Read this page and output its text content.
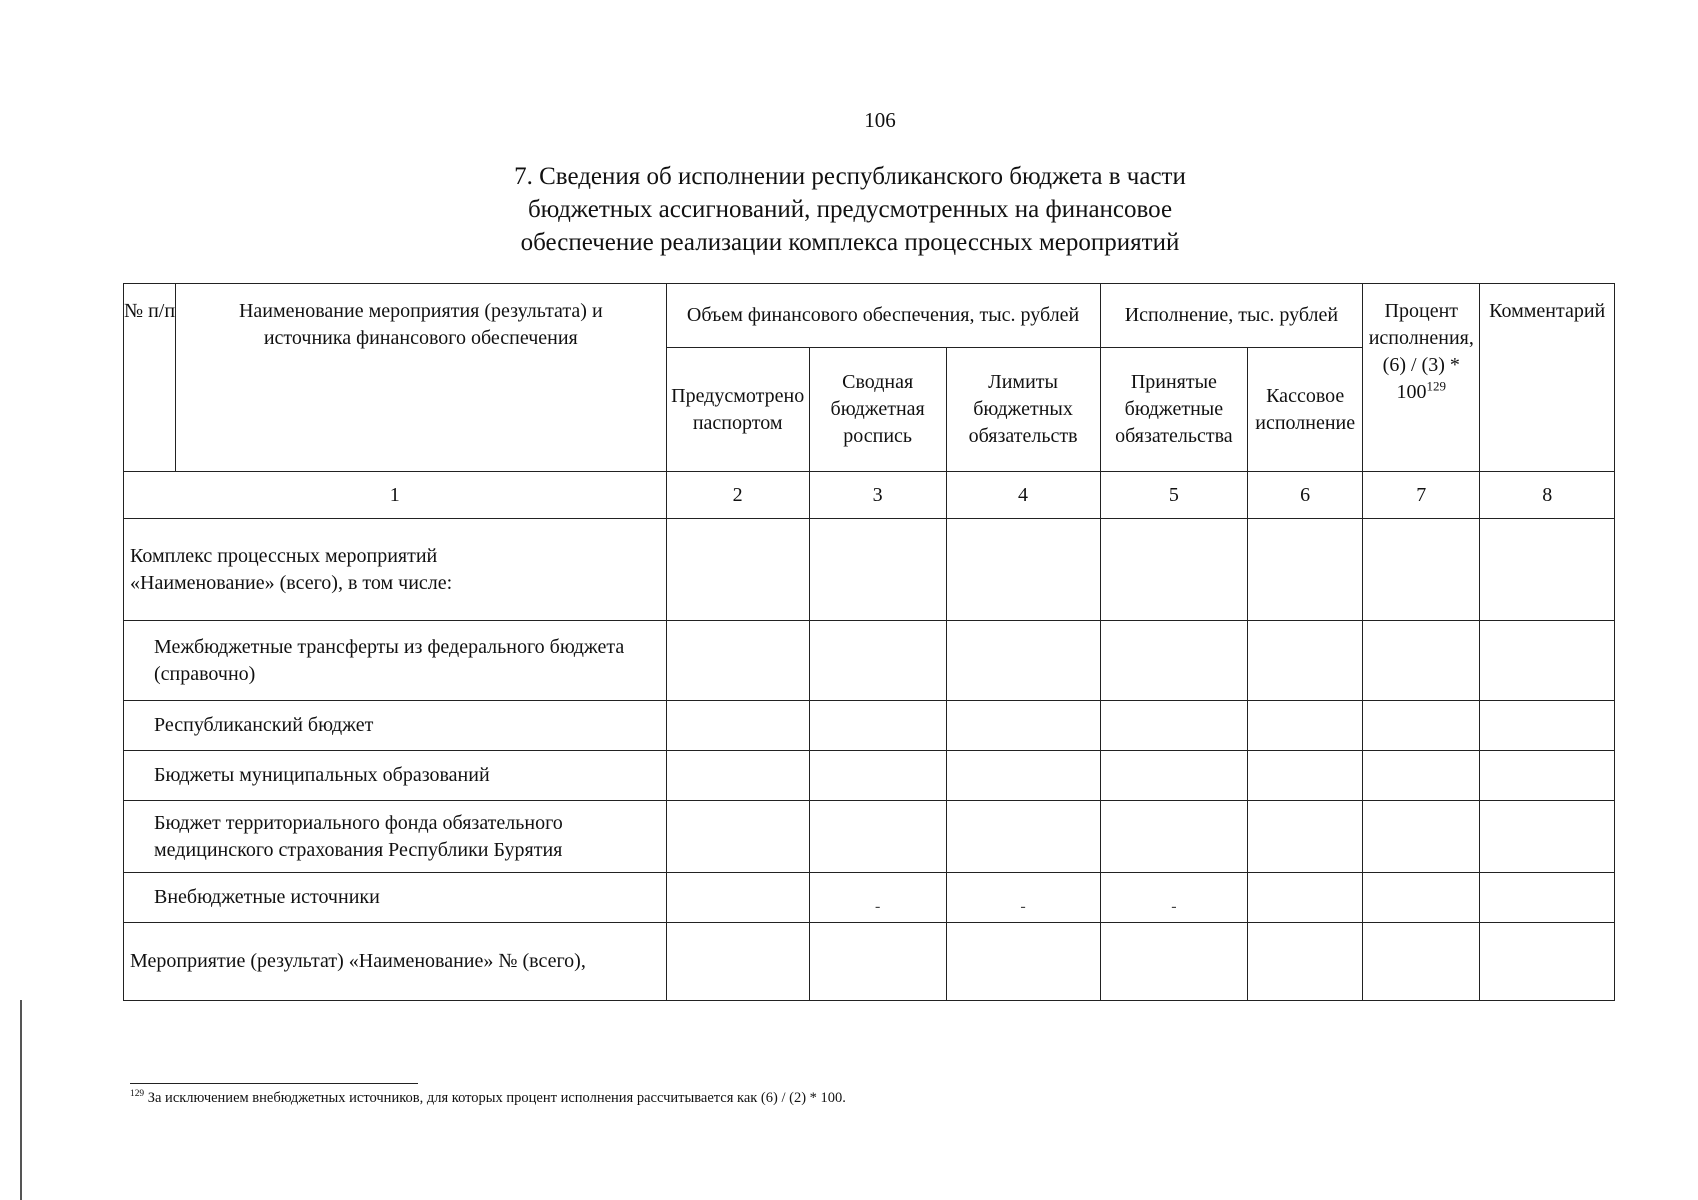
106
7. Сведения об исполнении республиканского бюджета в части
бюджетных ассигнований, предусмотренных на финансовое
обеспечение реализации комплекса процессных мероприятий
№ п/п	Наименование мероприятия (результата) и источника финансового обеспечения	Объем финансового обеспечения, тыс. рублей			Исполнение, тыс. рублей		Процент исполнения, $(6) / (3) * 100^{129}$	Комментарий
		Предусмотрено паспортом	Сводная бюджетная роспись	Лимиты бюджетных обязательств	Принятые бюджетные обязательства	Кассовое исполнение		
1		2	3	4	5	6	7	8
Комплекс процессных мероприятий «Наименование» (всего), в том числе:								
Межбюджетные трансферты из федерального бюджета (справочно)								
Республиканский бюджет								
Бюджеты муниципальных образований								
Бюджет территориального фонда обязательного медицинского страхования Республики Бурятия								
Внебюджетные источники			-	-	-			
Мероприятие (результат) «Наименование» № (всего),								
$^{129}$ За исключением внебюджетных источников, для которых процент исполнения рассчитывается как (6) / (2) * 100.
